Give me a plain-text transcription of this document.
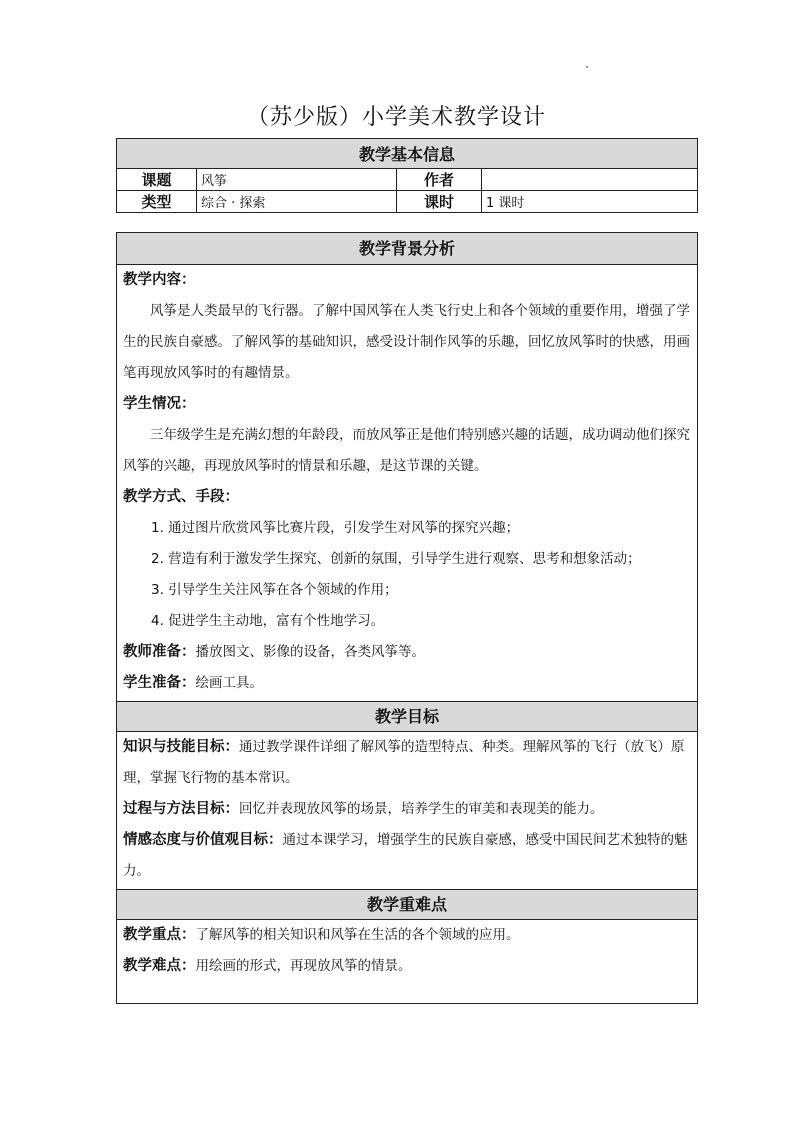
（苏少版）小学美术教学设计
教学基本信息			
课题	风筝	作者	
类型	综合 · 探索	课时	1 课时
教学背景分析
教学内容：
风筝是人类最早的飞行器。了解中国风筝在人类飞行史上和各个领域的重要作用，增强了学生的民族自豪感。了解风筝的基础知识，感受设计制作风筝的乐趣，回忆放风筝时的快感，用画笔再现放风筝时的有趣情景。
学生情况：
三年级学生是充满幻想的年龄段，而放风筝正是他们特别感兴趣的话题，成功调动他们探究风筝的兴趣，再现放风筝时的情景和乐趣，是这节课的关键。
教学方式、手段：
1. 通过图片欣赏风筝比赛片段，引发学生对风筝的探究兴趣；
2. 营造有利于激发学生探究、创新的氛围，引导学生进行观察、思考和想象活动；
3. 引导学生关注风筝在各个领域的作用；
4. 促进学生主动地，富有个性地学习。
教师准备：播放图文、影像的设备，各类风筝等。
学生准备：绘画工具。
教学目标
知识与技能目标：通过教学课件详细了解风筝的造型特点、种类。理解风筝的飞行（放飞）原理，掌握飞行物的基本常识。
过程与方法目标：回忆并表现放风筝的场景，培养学生的审美和表现美的能力。
情感态度与价值观目标：通过本课学习，增强学生的民族自豪感，感受中国民间艺术独特的魅力。
教学重难点
教学重点：了解风筝的相关知识和风筝在生活的各个领域的应用。
教学难点：用绘画的形式，再现放风筝的情景。
